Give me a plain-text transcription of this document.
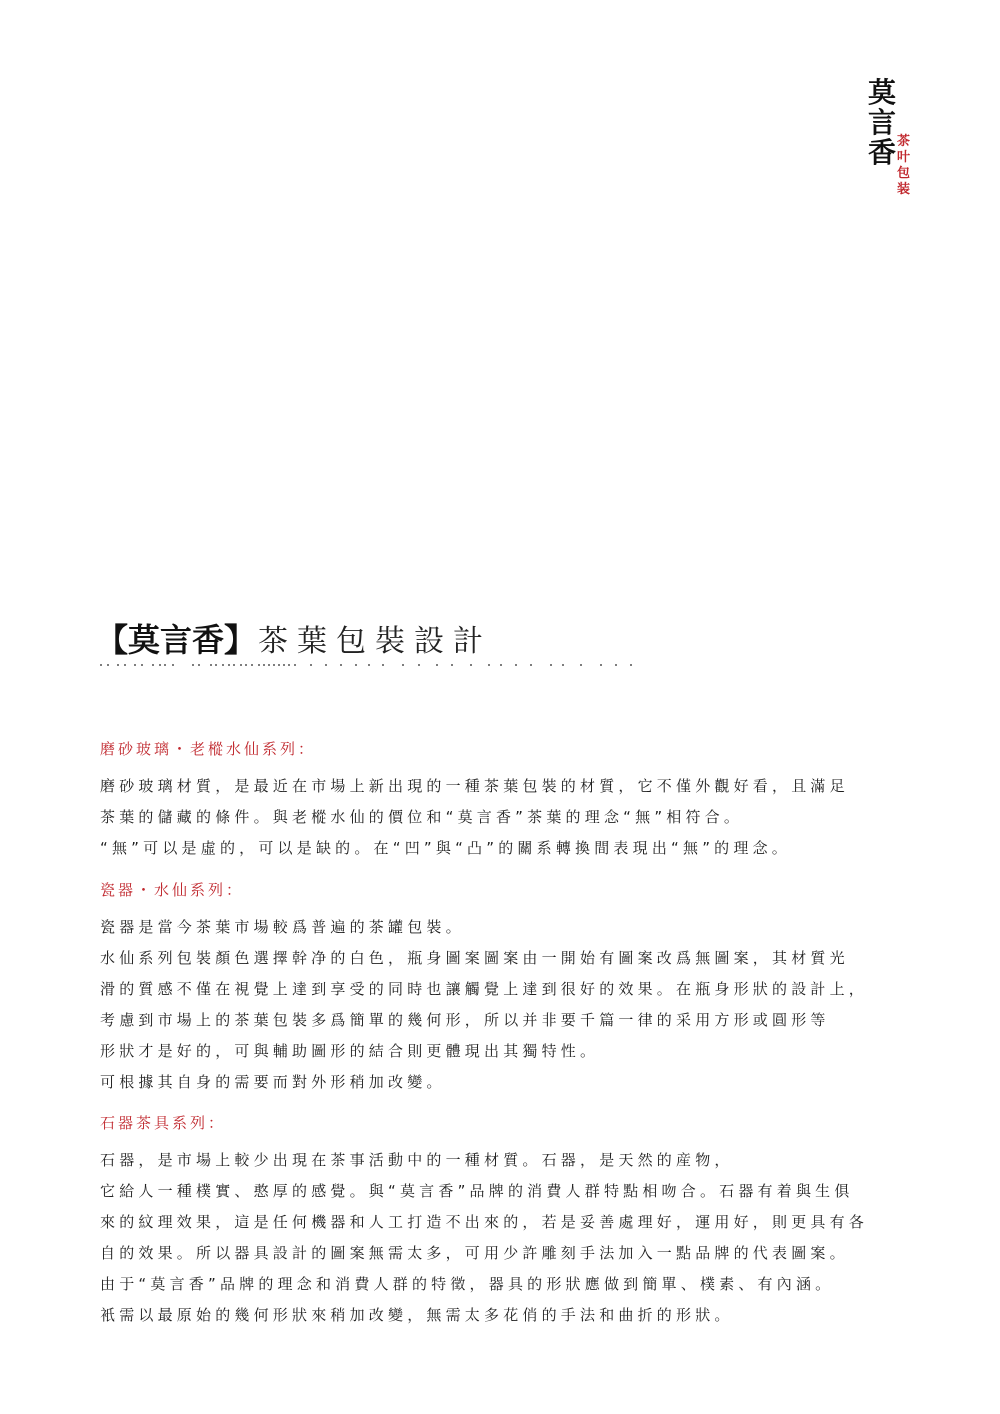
莫言香 茶叶包装
【莫言香】茶葉包裝設計
磨砂玻璃・老樅水仙系列：
磨砂玻璃材質，是最近在市場上新出現的一種茶葉包裝的材質，它不僅外觀好看，且滿足
茶葉的儲藏的條件。與老樅水仙的價位和“莫言香”茶葉的理念“無”相符合。
“無”可以是虛的，可以是缺的。在“凹”與“凸”的關系轉換間表現出“無”的理念。
瓷器・水仙系列：
瓷器是當今茶葉市場較爲普遍的茶罐包裝。
水仙系列包裝顏色選擇幹净的白色，瓶身圖案圖案由一開始有圖案改爲無圖案，其材質光
滑的質感不僅在視覺上達到享受的同時也讓觸覺上達到很好的效果。在瓶身形狀的設計上，
考慮到市場上的茶葉包裝多爲簡單的幾何形，所以并非要千篇一律的采用方形或圓形等
形狀才是好的，可與輔助圖形的結合則更體現出其獨特性。
可根據其自身的需要而對外形稍加改變。
石器茶具系列：
石器，是市場上較少出現在茶事活動中的一種材質。石器，是天然的産物，
它給人一種樸實、憨厚的感覺。與“莫言香”品牌的消費人群特點相吻合。石器有着與生俱
來的紋理效果，這是任何機器和人工打造不出來的，若是妥善處理好，運用好，則更具有各
自的效果。所以器具設計的圖案無需太多，可用少許雕刻手法加入一點品牌的代表圖案。
由于“莫言香”品牌的理念和消費人群的特徵，器具的形狀應做到簡單、樸素、有內涵。
衹需以最原始的幾何形狀來稍加改變，無需太多花俏的手法和曲折的形狀。
